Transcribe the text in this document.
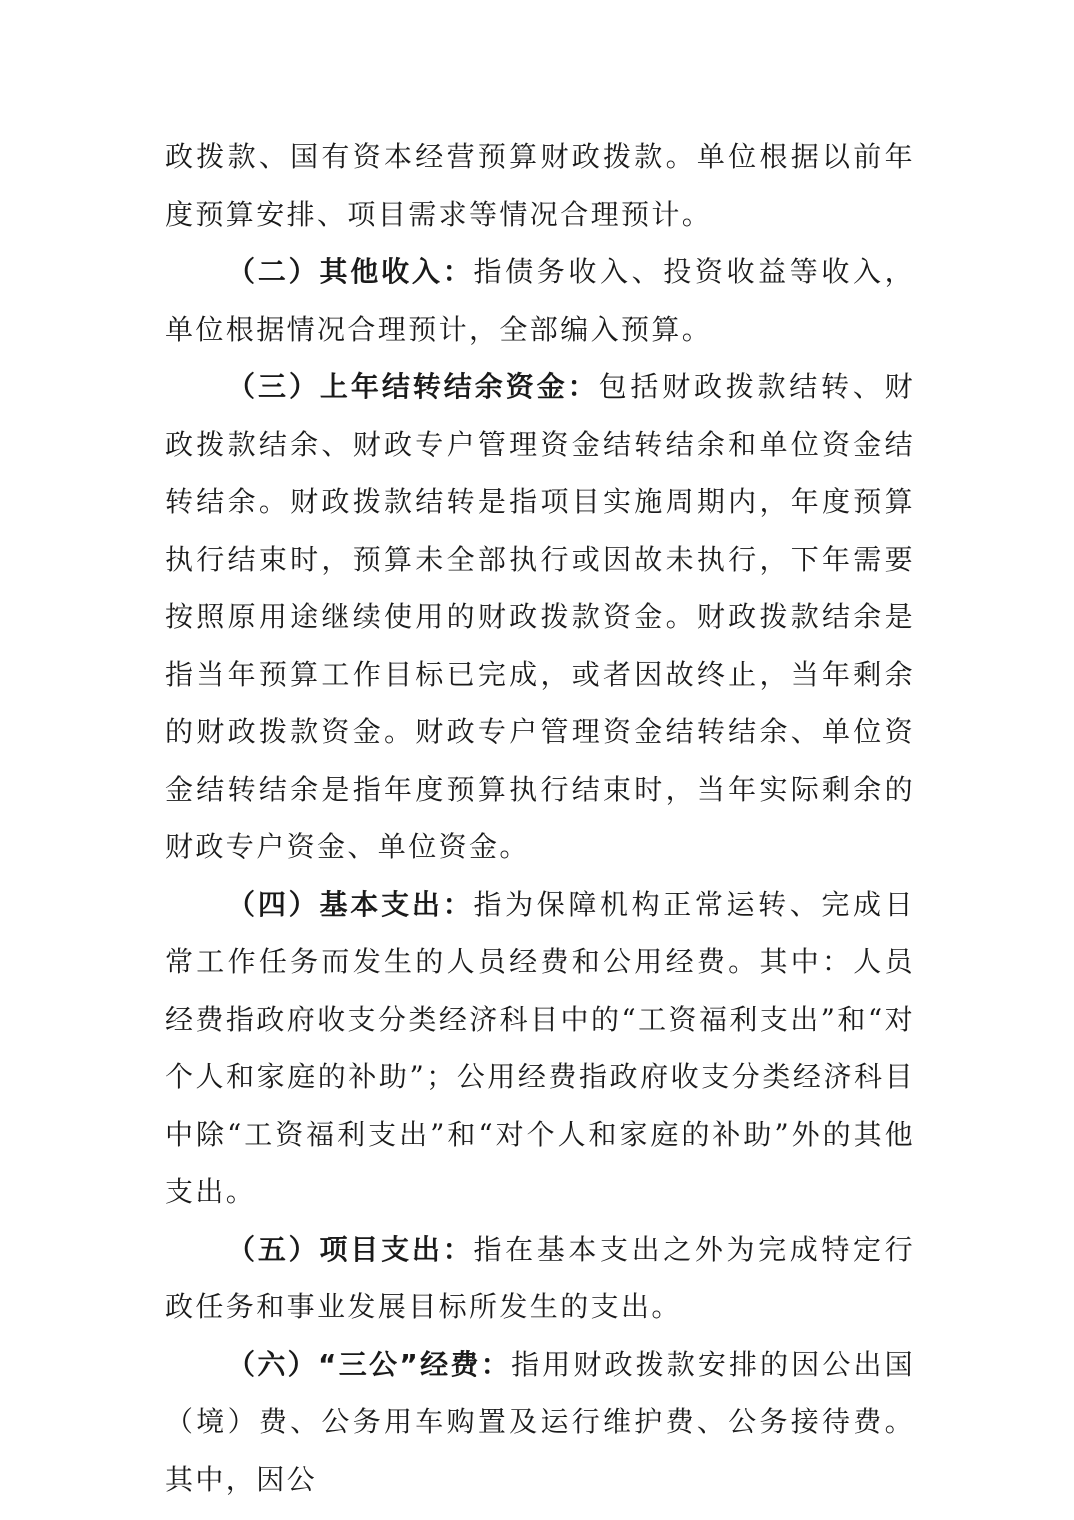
政拨款、国有资本经营预算财政拨款。单位根据以前年度预算安排、项目需求等情况合理预计。

（二）其他收入：指债务收入、投资收益等收入，单位根据情况合理预计，全部编入预算。

（三）上年结转结余资金：包括财政拨款结转、财政拨款结余、财政专户管理资金结转结余和单位资金结转结余。财政拨款结转是指项目实施周期内，年度预算执行结束时，预算未全部执行或因故未执行，下年需要按照原用途继续使用的财政拨款资金。财政拨款结余是指当年预算工作目标已完成，或者因故终止，当年剩余的财政拨款资金。财政专户管理资金结转结余、单位资金结转结余是指年度预算执行结束时，当年实际剩余的财政专户资金、单位资金。

（四）基本支出：指为保障机构正常运转、完成日常工作任务而发生的人员经费和公用经费。其中：人员经费指政府收支分类经济科目中的“工资福利支出”和“对个人和家庭的补助”；公用经费指政府收支分类经济科目中除“工资福利支出”和“对个人和家庭的补助”外的其他支出。

（五）项目支出：指在基本支出之外为完成特定行政任务和事业发展目标所发生的支出。

（六）“三公”经费：指用财政拨款安排的因公出国（境）费、公务用车购置及运行维护费、公务接待费。其中，因公
